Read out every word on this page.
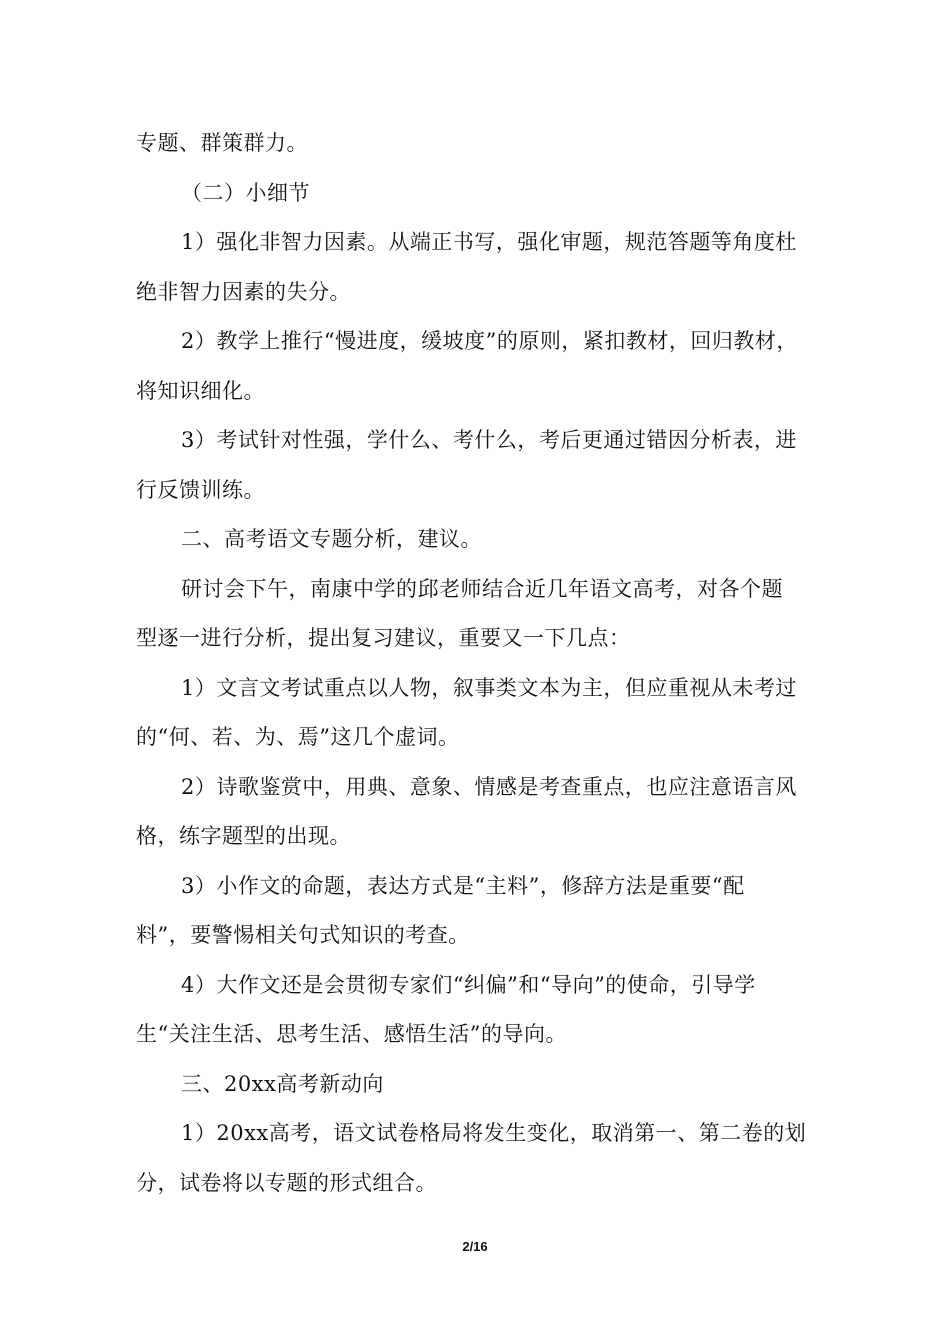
专题、群策群力。
（二）小细节
1）强化非智力因素。从端正书写，强化审题，规范答题等角度杜
绝非智力因素的失分。
2）教学上推行“慢进度，缓坡度”的原则，紧扣教材，回归教材，
将知识细化。
3）考试针对性强，学什么、考什么，考后更通过错因分析表，进
行反馈训练。
二、高考语文专题分析，建议。
研讨会下午，南康中学的邱老师结合近几年语文高考，对各个题
型逐一进行分析，提出复习建议，重要又一下几点：
1）文言文考试重点以人物，叙事类文本为主，但应重视从未考过
的“何、若、为、焉”这几个虚词。
2）诗歌鉴赏中，用典、意象、情感是考查重点，也应注意语言风
格，练字题型的出现。
3）小作文的命题，表达方式是“主料”，修辞方法是重要“配
料”，要警惕相关句式知识的考查。
4）大作文还是会贯彻专家们“纠偏”和“导向”的使命，引导学
生“关注生活、思考生活、感悟生活”的导向。
三、20xx高考新动向
1）20xx高考，语文试卷格局将发生变化，取消第一、第二卷的划
分，试卷将以专题的形式组合。
2/16
